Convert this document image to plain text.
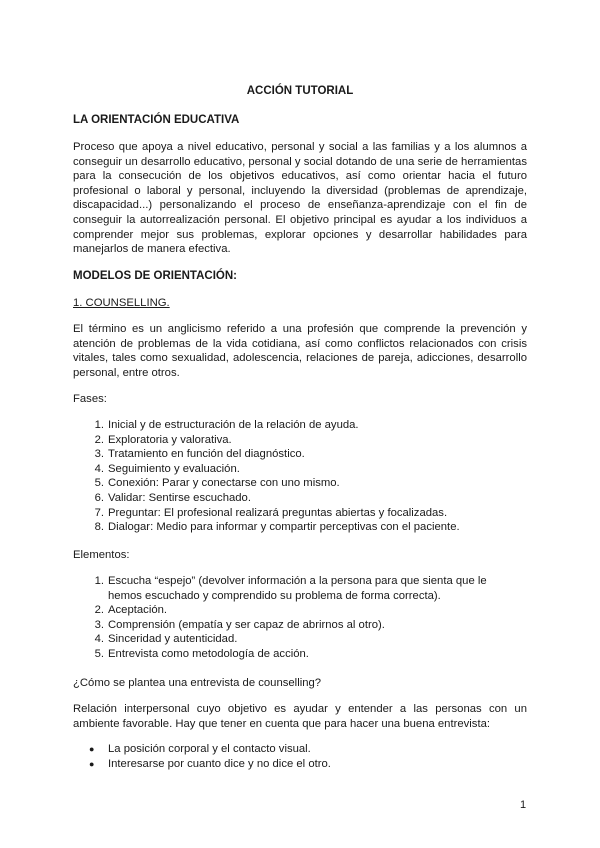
ACCIÓN TUTORIAL
LA ORIENTACIÓN EDUCATIVA
Proceso que apoya a nivel educativo, personal y social a las familias y a los alumnos a conseguir un desarrollo educativo, personal y social dotando de una serie de herramientas para la consecución de los objetivos educativos, así como orientar hacia el futuro profesional o laboral y personal, incluyendo la diversidad (problemas de aprendizaje, discapacidad...) personalizando el proceso de enseñanza-aprendizaje con el fin de conseguir la autorrealización personal. El objetivo principal es ayudar a los individuos a comprender mejor sus problemas, explorar opciones y desarrollar habilidades para manejarlos de manera efectiva.
MODELOS DE ORIENTACIÓN:
1. COUNSELLING.
El término es un anglicismo referido a una profesión que comprende la prevención y atención de problemas de la vida cotidiana, así como conflictos relacionados con crisis vitales, tales como sexualidad, adolescencia, relaciones de pareja, adicciones, desarrollo personal, entre otros.
Fases:
1. Inicial y de estructuración de la relación de ayuda.
2. Exploratoria y valorativa.
3. Tratamiento en función del diagnóstico.
4. Seguimiento y evaluación.
5. Conexión: Parar y conectarse con uno mismo.
6. Validar: Sentirse escuchado.
7. Preguntar: El profesional realizará preguntas abiertas y focalizadas.
8. Dialogar: Medio para informar y compartir perceptivas con el paciente.
Elementos:
1. Escucha “espejo” (devolver información a la persona para que sienta que le hemos escuchado y comprendido su problema de forma correcta).
2. Aceptación.
3. Comprensión (empatía y ser capaz de abrirnos al otro).
4. Sinceridad y autenticidad.
5. Entrevista como metodología de acción.
¿Cómo se plantea una entrevista de counselling?
Relación interpersonal cuyo objetivo es ayudar y entender a las personas con un ambiente favorable. Hay que tener en cuenta que para hacer una buena entrevista:
● La posición corporal y el contacto visual.
● Interesarse por cuanto dice y no dice el otro.
1
